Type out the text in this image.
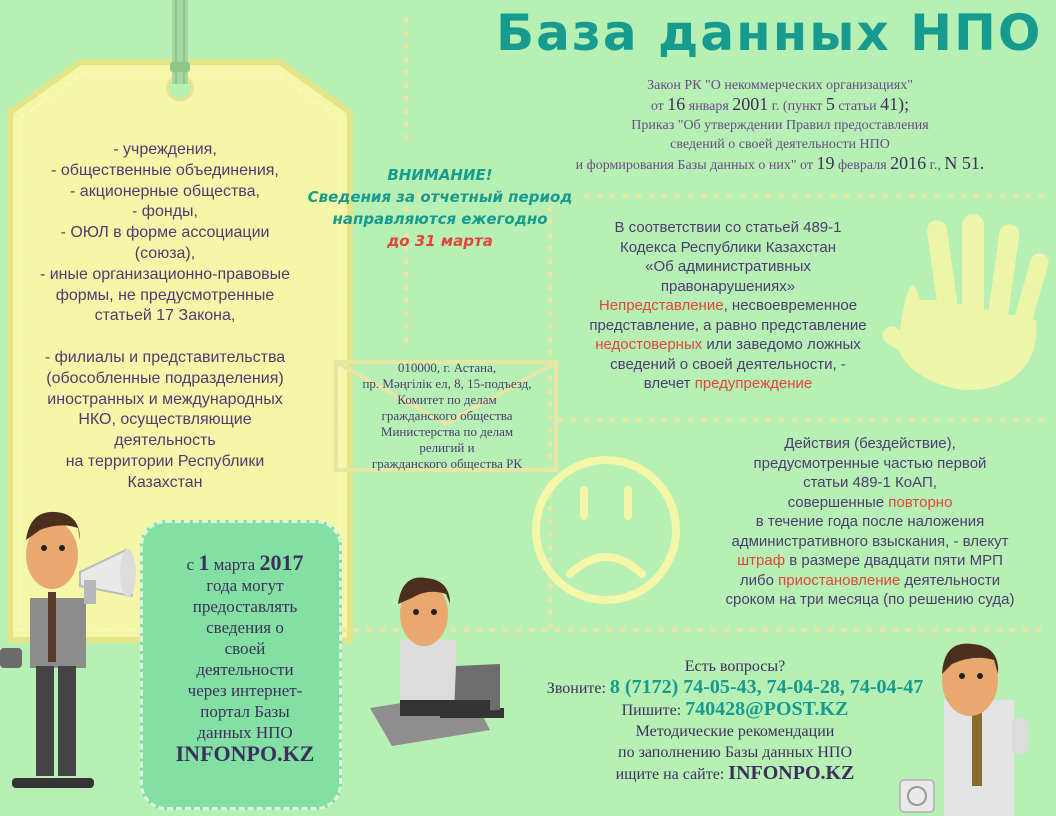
База данных НПО
Закон РК "О некоммерческих организациях"
от 16 января 2001 г. (пункт 5 статьи 41);
Приказ "Об утверждении Правил предоставления
сведений о своей деятельности НПО
и формирования Базы данных о них" от 19 февраля 2016 г., N 51.
- учреждения,
- общественные объединения,
- акционерные общества,
- фонды,
- ОЮЛ в форме ассоциации
(союза),
- иные организационно-правовые
формы, не предусмотренные
статьей 17 Закона,

- филиалы и представительства
(обособленные подразделения)
иностранных и международных
НКО, осуществляющие
деятельность
на территории Республики
Казахстан
ВНИМАНИЕ!
Сведения за отчетный период
направляются ежегодно
до 31 марта
010000, г. Астана,
пр. Мәңгілік ел, 8, 15-подъезд,
Комитет по делам
гражданского общества
Министерства по делам
религий и
гражданского общества РК
В соответствии со статьей 489-1
Кодекса Республики Казахстан
«Об административных
правонарушениях»
Непредставление, несвоевременное
представление, а равно представление
недостоверных или заведомо ложных
сведений о своей деятельности, -
влечет предупреждение
Действия (бездействие),
предусмотренные частью первой
статьи 489-1 КоАП,
совершенные повторно
в течение года после наложения
административного взыскания, - влекут
штраф в размере двадцати пяти МРП
либо приостановление деятельности
сроком на три месяца (по решению суда)
с 1 марта 2017
года могут
предоставлять
сведения о
своей
деятельности
через интернет-
портал Базы
данных НПО
INFONPO.KZ
Есть вопросы?
Звоните: 8 (7172) 74-05-43, 74-04-28, 74-04-47
Пишите: 740428@POST.KZ
Методические рекомендации
по заполнению Базы данных НПО
ищите на сайте: INFONPO.KZ
